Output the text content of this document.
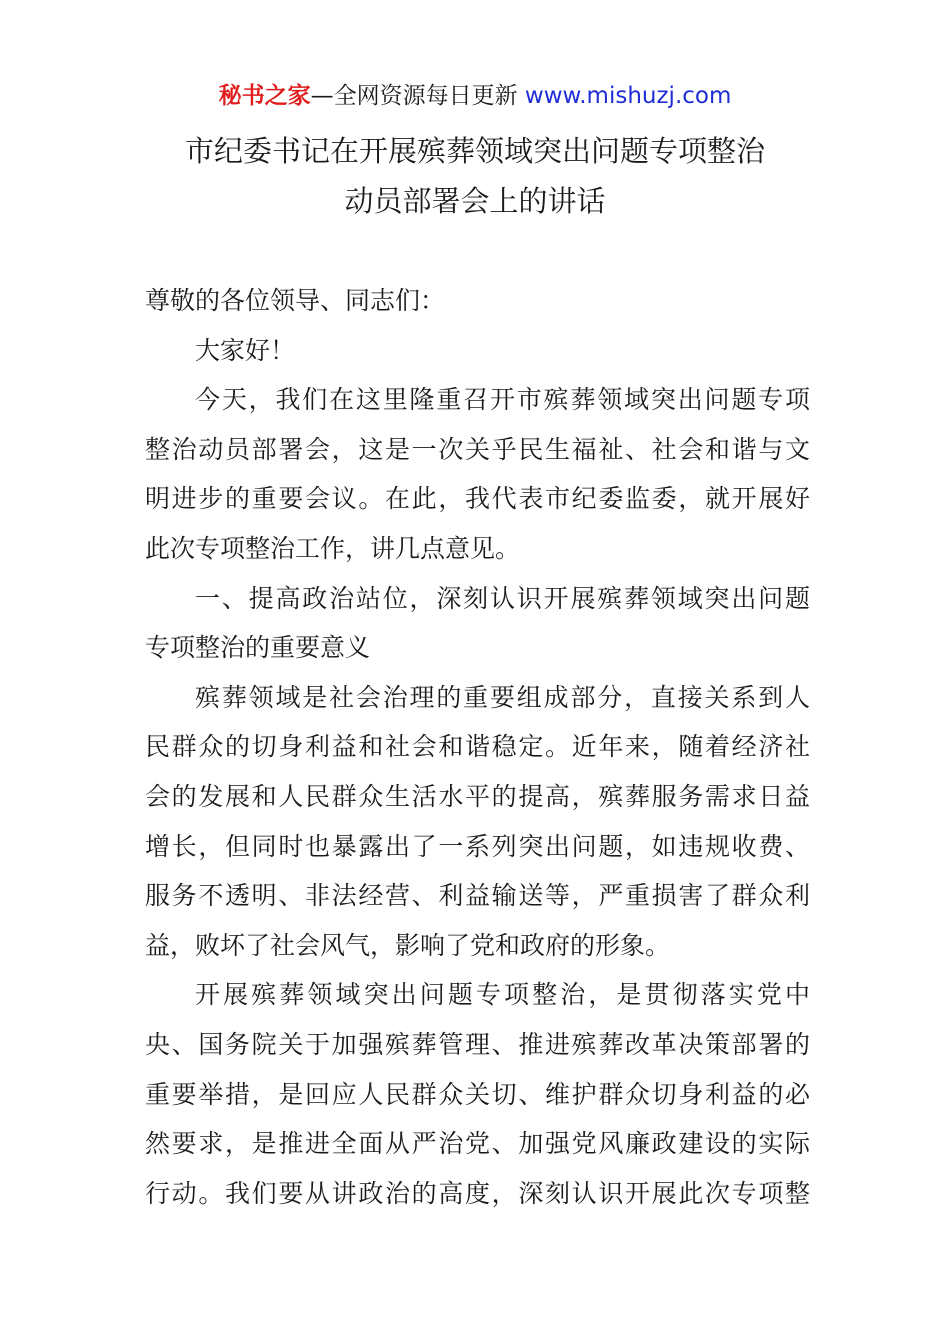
秘书之家—全网资源每日更新 www.mishuzj.com
市纪委书记在开展殡葬领域突出问题专项整治
动员部署会上的讲话
尊敬的各位领导、同志们：
大家好！
今天，我们在这里隆重召开市殡葬领域突出问题专项
整治动员部署会，这是一次关乎民生福祉、社会和谐与文
明进步的重要会议。在此，我代表市纪委监委，就开展好
此次专项整治工作，讲几点意见。
一、提高政治站位，深刻认识开展殡葬领域突出问题
专项整治的重要意义
殡葬领域是社会治理的重要组成部分，直接关系到人
民群众的切身利益和社会和谐稳定。近年来，随着经济社
会的发展和人民群众生活水平的提高，殡葬服务需求日益
增长，但同时也暴露出了一系列突出问题，如违规收费、
服务不透明、非法经营、利益输送等，严重损害了群众利
益，败坏了社会风气，影响了党和政府的形象。
开展殡葬领域突出问题专项整治，是贯彻落实党中
央、国务院关于加强殡葬管理、推进殡葬改革决策部署的
重要举措，是回应人民群众关切、维护群众切身利益的必
然要求，是推进全面从严治党、加强党风廉政建设的实际
行动。我们要从讲政治的高度，深刻认识开展此次专项整
